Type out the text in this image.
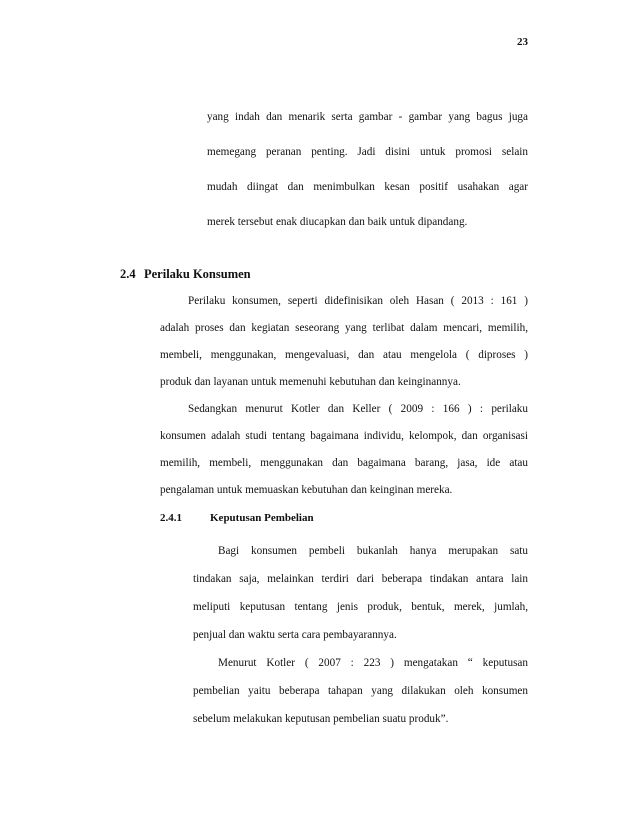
23
yang indah dan menarik serta gambar - gambar yang bagus juga
memegang peranan penting. Jadi disini untuk promosi selain
mudah diingat dan menimbulkan kesan positif usahakan agar
merek tersebut enak diucapkan dan baik untuk dipandang.
2.4 Perilaku Konsumen
Perilaku konsumen, seperti didefinisikan oleh Hasan ( 2013 : 161 )
adalah proses dan kegiatan seseorang yang terlibat dalam mencari, memilih,
membeli, menggunakan, mengevaluasi, dan atau mengelola ( diproses )
produk dan layanan untuk memenuhi kebutuhan dan keinginannya.
Sedangkan menurut Kotler dan Keller ( 2009 : 166 ) : perilaku
konsumen adalah studi tentang bagaimana individu, kelompok, dan organisasi
memilih, membeli, menggunakan dan bagaimana barang, jasa, ide atau
pengalaman untuk memuaskan kebutuhan dan keinginan mereka.
2.4.1	Keputusan Pembelian
Bagi konsumen pembeli bukanlah hanya merupakan satu
tindakan saja, melainkan terdiri dari beberapa tindakan antara lain
meliputi keputusan tentang jenis produk, bentuk, merek, jumlah,
penjual dan waktu serta cara pembayarannya.
Menurut Kotler ( 2007 : 223 ) mengatakan “ keputusan
pembelian yaitu beberapa tahapan yang dilakukan oleh konsumen
sebelum melakukan keputusan pembelian suatu produk”.
